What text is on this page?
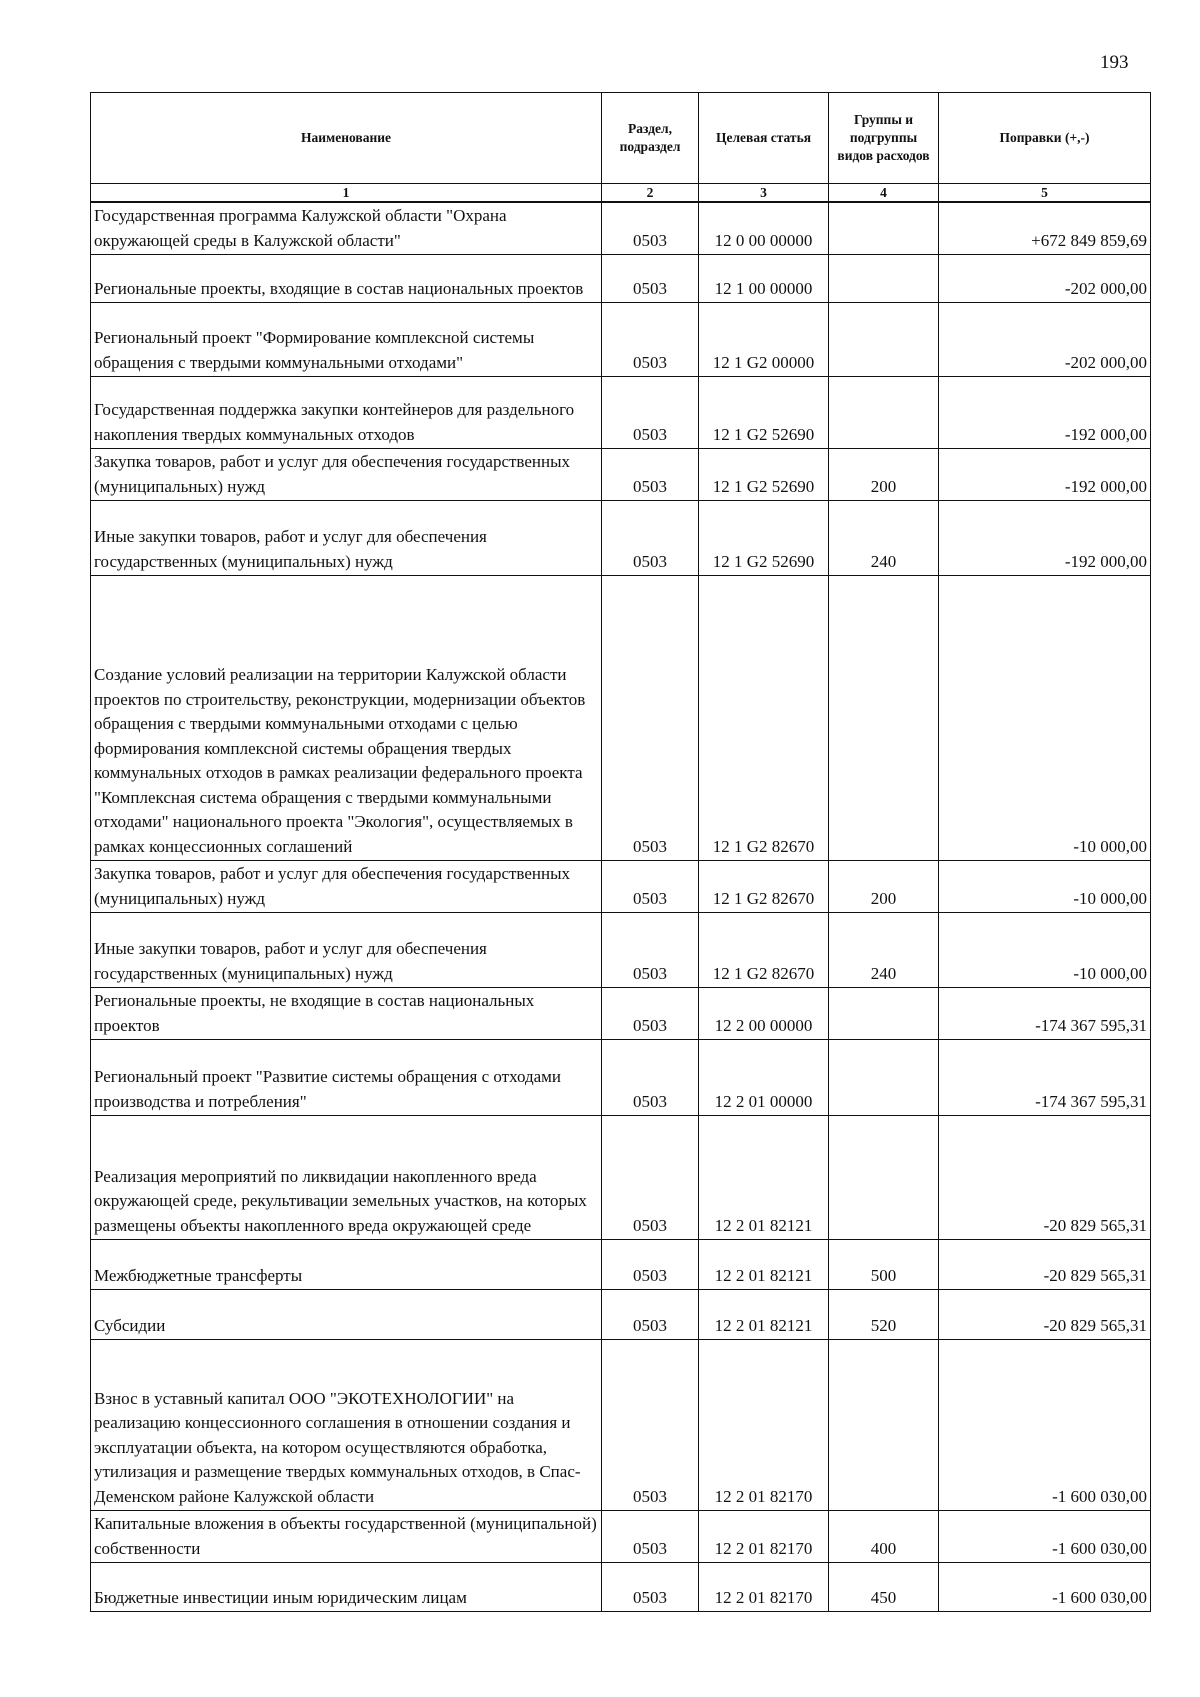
193
Наименование	Раздел, подраздел	Целевая статья	Группы и подгруппы видов расходов	Поправки (+,-)
1	2	3	4	5
Государственная программа Калужской области "Охрана окружающей среды в Калужской области"	0503	12 0 00 00000		+672 849 859,69
Региональные проекты, входящие в состав национальных проектов	0503	12 1 00 00000		-202 000,00
Региональный проект "Формирование комплексной системы обращения с твердыми коммунальными отходами"	0503	12 1 G2 00000		-202 000,00
Государственная поддержка закупки контейнеров для раздельного накопления твердых коммунальных отходов	0503	12 1 G2 52690		-192 000,00
Закупка товаров, работ и услуг для обеспечения государственных (муниципальных) нужд	0503	12 1 G2 52690	200	-192 000,00
Иные закупки товаров, работ и услуг для обеспечения государственных (муниципальных) нужд	0503	12 1 G2 52690	240	-192 000,00
Создание условий реализации на территории Калужской области проектов по строительству, реконструкции, модернизации объектов обращения с твердыми коммунальными отходами с целью формирования комплексной системы обращения твердых коммунальных отходов в рамках реализации федерального проекта "Комплексная система обращения с твердыми коммунальными отходами" национального проекта "Экология", осуществляемых в рамках концессионных соглашений	0503	12 1 G2 82670		-10 000,00
Закупка товаров, работ и услуг для обеспечения государственных (муниципальных) нужд	0503	12 1 G2 82670	200	-10 000,00
Иные закупки товаров, работ и услуг для обеспечения государственных (муниципальных) нужд	0503	12 1 G2 82670	240	-10 000,00
Региональные проекты, не входящие в состав национальных проектов	0503	12 2 00 00000		-174 367 595,31
Региональный проект "Развитие системы обращения с отходами производства и потребления"	0503	12 2 01 00000		-174 367 595,31
Реализация мероприятий по ликвидации накопленного вреда окружающей среде, рекультивации земельных участков, на которых размещены объекты накопленного вреда окружающей среде	0503	12 2 01 82121		-20 829 565,31
Межбюджетные трансферты	0503	12 2 01 82121	500	-20 829 565,31
Субсидии	0503	12 2 01 82121	520	-20 829 565,31
Взнос в уставный капитал ООО "ЭКОТЕХНОЛОГИИ" на реализацию концессионного соглашения в отношении создания и эксплуатации объекта, на котором осуществляются обработка, утилизация и размещение твердых коммунальных отходов, в Спас-Деменском районе Калужской области	0503	12 2 01 82170		-1 600 030,00
Капитальные вложения в объекты государственной (муниципальной) собственности	0503	12 2 01 82170	400	-1 600 030,00
Бюджетные инвестиции иным юридическим лицам	0503	12 2 01 82170	450	-1 600 030,00
